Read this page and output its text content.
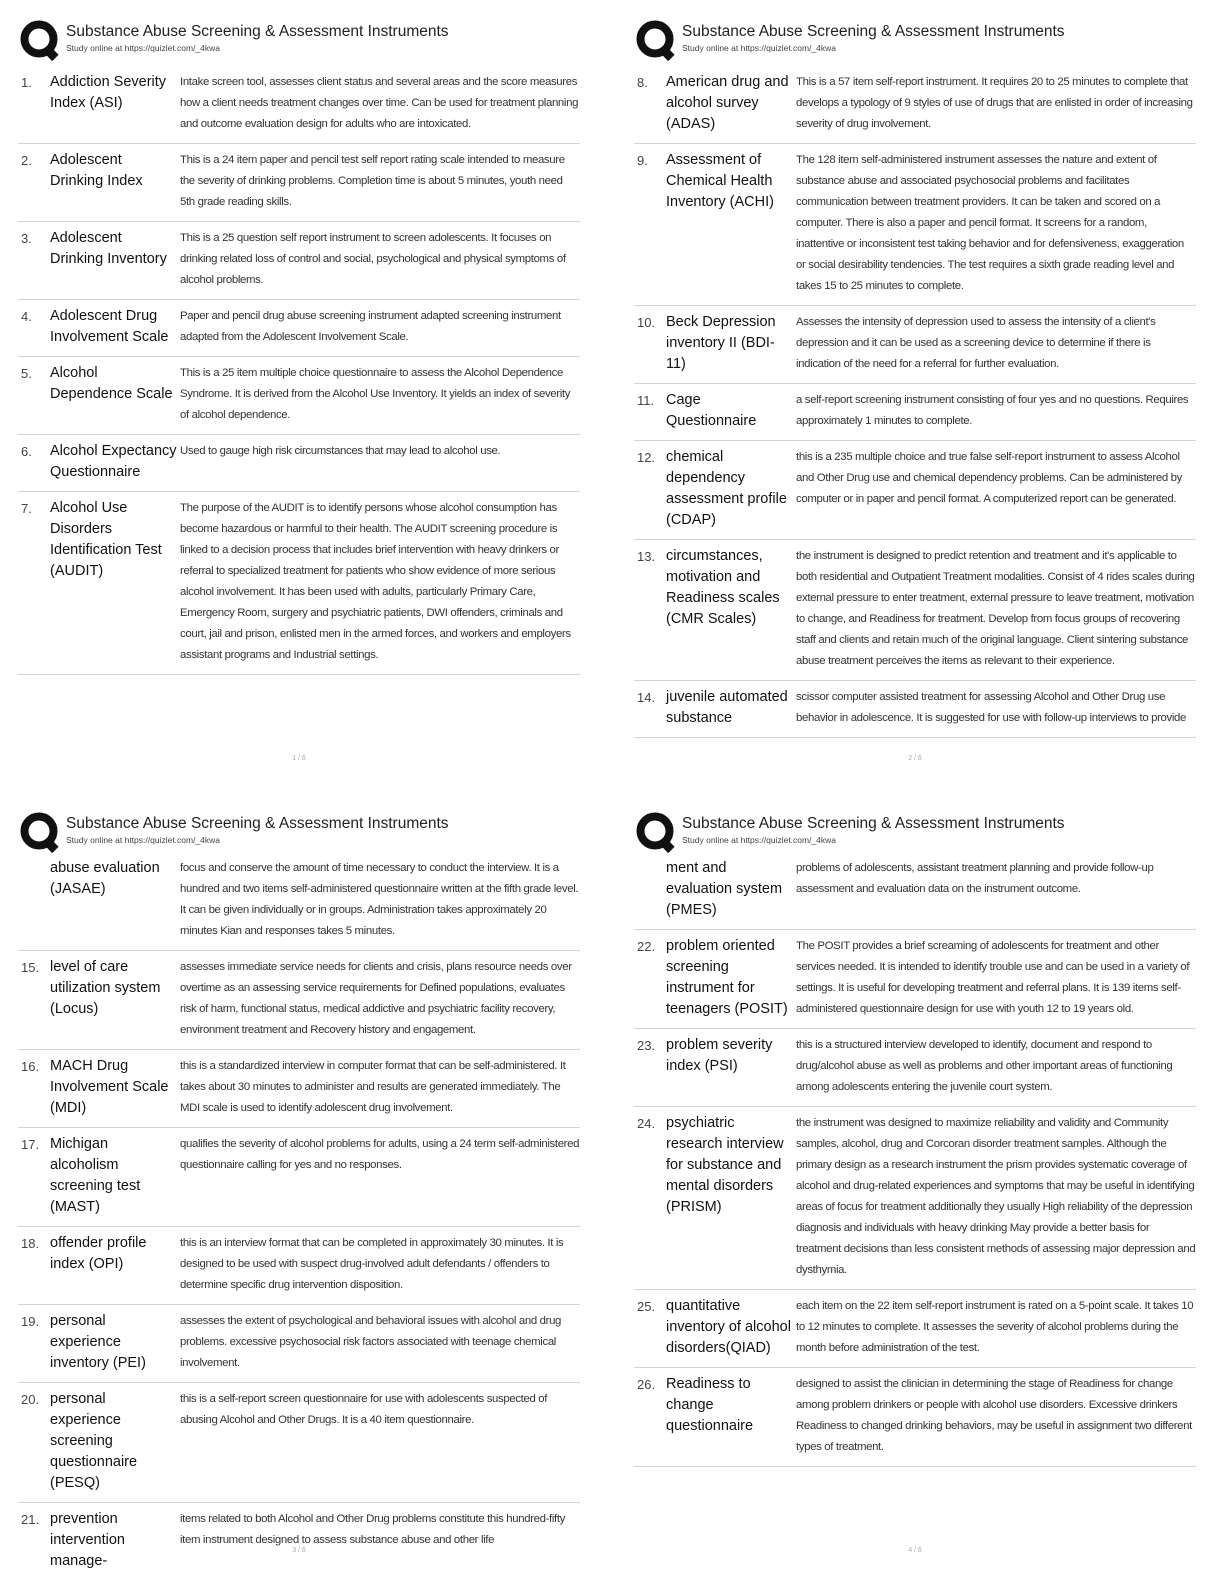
Substance Abuse Screening & Assessment Instruments
Study online at https://quizlet.com/_4kwa
1.	Addiction Severity Index (ASI)
Intake screen tool, assesses client status and several areas and the score measures how a client needs treatment changes over time. Can be used for treatment planning and outcome evaluation design for adults who are intoxicated.
2.	Adolescent Drinking Index
This is a 24 item paper and pencil test self report rating scale intended to measure the severity of drinking problems. Completion time is about 5 minutes, youth need 5th grade reading skills.
3.	Adolescent Drinking Inventory
This is a 25 question self report instrument to screen adolescents. It focuses on drinking related loss of control and social, psychological and physical symptoms of alcohol problems.
4.	Adolescent Drug Involvement Scale
Paper and pencil drug abuse screening instrument adapted screening instrument adapted from the Adolescent Involvement Scale.
5.	Alcohol Dependence Scale
This is a 25 item multiple choice questionnaire to assess the Alcohol Dependence Syndrome. It is derived from the Alcohol Use Inventory. It yields an index of severity of alcohol dependence.
6.	Alcohol Expectancy Questionnaire
Used to gauge high risk circumstances that may lead to alcohol use.
7.	Alcohol Use Disorders Identification Test (AUDIT)
The purpose of the AUDIT is to identify persons whose alcohol consumption has become hazardous or harmful to their health. The AUDIT screening procedure is linked to a decision process that includes brief intervention with heavy drinkers or referral to specialized treatment for patients who show evidence of more serious alcohol involvement. It has been used with adults, particularly Primary Care, Emergency Room, surgery and psychiatric patients, DWI offenders, criminals and court, jail and prison, enlisted men in the armed forces, and workers and employers assistant programs and Industrial settings.
1 / 6
Substance Abuse Screening & Assessment Instruments
Study online at https://quizlet.com/_4kwa
8.	American drug and alcohol survey (ADAS)
This is a 57 item self-report instrument. It requires 20 to 25 minutes to complete that develops a typology of 9 styles of use of drugs that are enlisted in order of increasing severity of drug involvement.
9.	Assessment of Chemical Health Inventory (ACHI)
The 128 item self-administered instrument assesses the nature and extent of substance abuse and associated psychosocial problems and facilitates communication between treatment providers. It can be taken and scored on a computer. There is also a paper and pencil format. It screens for a random, inattentive or inconsistent test taking behavior and for defensiveness, exaggeration or social desirability tendencies. The test requires a sixth grade reading level and takes 15 to 25 minutes to complete.
10. Beck Depression inventory II (BDI-11)
Assesses the intensity of depression used to assess the intensity of a client's depression and it can be used as a screening device to determine if there is indication of the need for a referral for further evaluation.
11. Cage Questionnaire
a self-report screening instrument consisting of four yes and no questions. Requires approximately 1 minutes to complete.
12. chemical dependency assessment profile (CDAP)
this is a 235 multiple choice and true false self-report instrument to assess Alcohol and Other Drug use and chemical dependency problems. Can be administered by computer or in paper and pencil format. A computerized report can be generated.
13. circumstances, motivation and Readiness scales (CMR Scales)
the instrument is designed to predict retention and treatment and it's applicable to both residential and Outpatient Treatment modalities. Consist of 4 rides scales during external pressure to enter treatment, external pressure to leave treatment, motivation to change, and Readiness for treatment. Develop from focus groups of recovering staff and clients and retain much of the original language. Client sintering substance abuse treatment perceives the items as relevant to their experience.
14. juvenile automated substance
scissor computer assisted treatment for assessing Alcohol and Other Drug use behavior in adolescence. It is suggested for use with follow-up interviews to provide
2 / 6
Substance Abuse Screening & Assessment Instruments
Study online at https://quizlet.com/_4kwa
abuse evaluation (JASAE)
focus and conserve the amount of time necessary to conduct the interview. It is a hundred and two items self-administered questionnaire written at the fifth grade level. It can be given individually or in groups. Administration takes approximately 20 minutes Kian and responses takes 5 minutes.
15. level of care utilization system (Locus)
assesses immediate service needs for clients and crisis, plans resource needs over overtime as an assessing service requirements for Defined populations, evaluates risk of harm, functional status, medical addictive and psychiatric facility recovery, environment treatment and Recovery history and engagement.
16. MACH Drug Involvement Scale (MDI)
this is a standardized interview in computer format that can be self-administered. It takes about 30 minutes to administer and results are generated immediately. The MDI scale is used to identify adolescent drug involvement.
17. Michigan alcoholism screening test (MAST)
qualifies the severity of alcohol problems for adults, using a 24 term self-administered questionnaire calling for yes and no responses.
18. offender profile index (OPI)
this is an interview format that can be completed in approximately 30 minutes. It is designed to be used with suspect drug-involved adult defendants / offenders to determine specific drug intervention disposition.
19. personal experience inventory (PEI)
assesses the extent of psychological and behavioral issues with alcohol and drug problems. excessive psychosocial risk factors associated with teenage chemical involvement.
20. personal experience screening questionnaire (PESQ)
this is a self-report screen questionnaire for use with adolescents suspected of abusing Alcohol and Other Drugs. It is a 40 item questionnaire.
21. prevention intervention manage-
items related to both Alcohol and Other Drug problems constitute this hundred-fifty item instrument designed to assess substance abuse and other life
3 / 6
Substance Abuse Screening & Assessment Instruments
Study online at https://quizlet.com/_4kwa
ment and evaluation system (PMES)
problems of adolescents, assistant treatment planning and provide follow-up assessment and evaluation data on the instrument outcome.
22. problem oriented screening instrument for teenagers (POSIT)
The POSIT provides a brief screaming of adolescents for treatment and other services needed. It is intended to identify trouble use and can be used in a variety of settings. It is useful for developing treatment and referral plans. It is 139 items self-administered questionnaire design for use with youth 12 to 19 years old.
23. problem severity index (PSI)
this is a structured interview developed to identify, document and respond to drug/alcohol abuse as well as problems and other important areas of functioning among adolescents entering the juvenile court system.
24. psychiatric research interview for substance and mental disorders (PRISM)
the instrument was designed to maximize reliability and validity and Community samples, alcohol, drug and Corcoran disorder treatment samples. Although the primary design as a research instrument the prism provides systematic coverage of alcohol and drug-related experiences and symptoms that may be useful in identifying areas of focus for treatment additionally they usually High reliability of the depression diagnosis and individuals with heavy drinking May provide a better basis for treatment decisions than less consistent methods of assessing major depression and dysthymia.
25. quantitative inventory of alcohol disorders(QIAD)
each item on the 22 item self-report instrument is rated on a 5-point scale. It takes 10 to 12 minutes to complete. It assesses the severity of alcohol problems during the month before administration of the test.
26. Readiness to change questionnaire
designed to assist the clinician in determining the stage of Readiness for change among problem drinkers or people with alcohol use disorders. Excessive drinkers Readiness to changed drinking behaviors, may be useful in assignment two different types of treatment.
4 / 6
